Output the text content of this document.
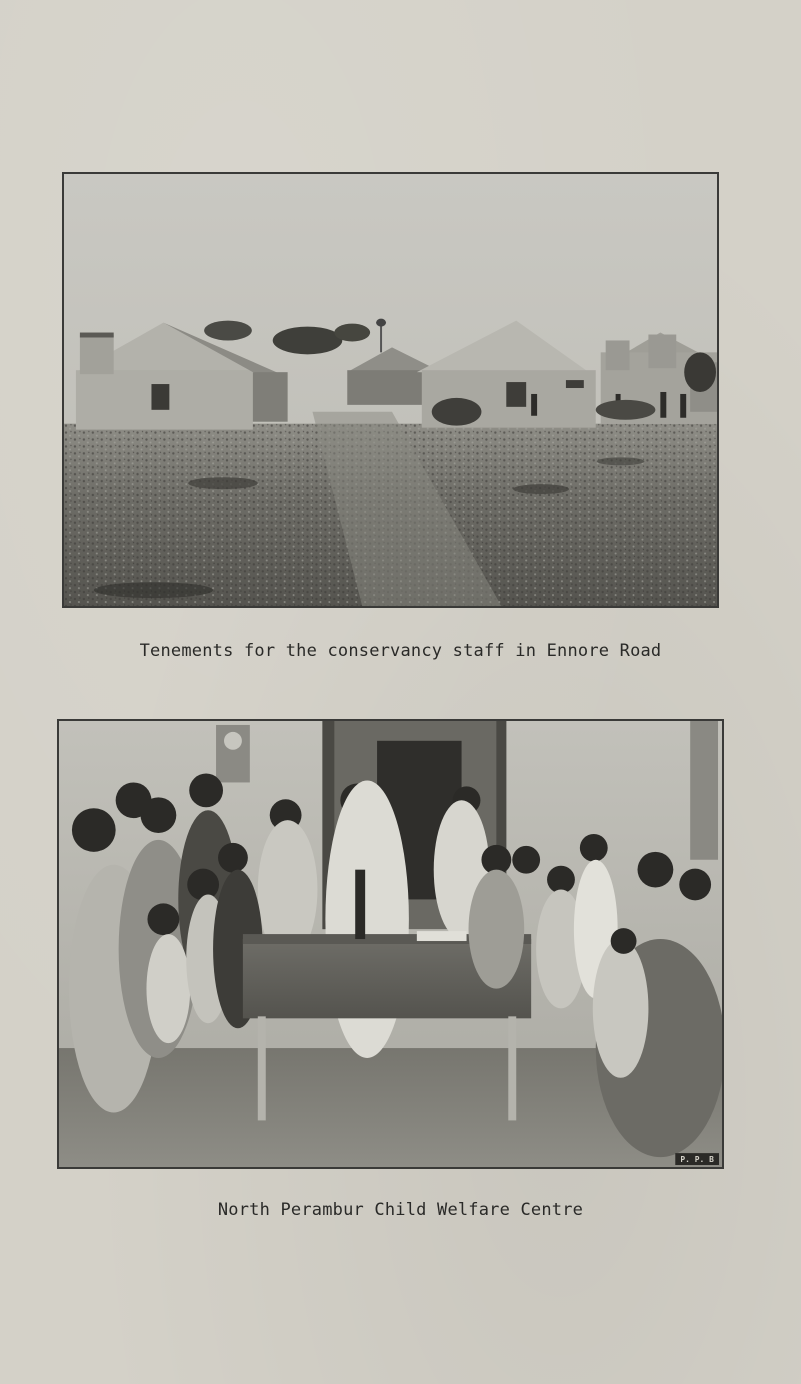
Tenements for the conservancy staff in Ennore Road
P. P. B
North Perambur Child Welfare Centre
